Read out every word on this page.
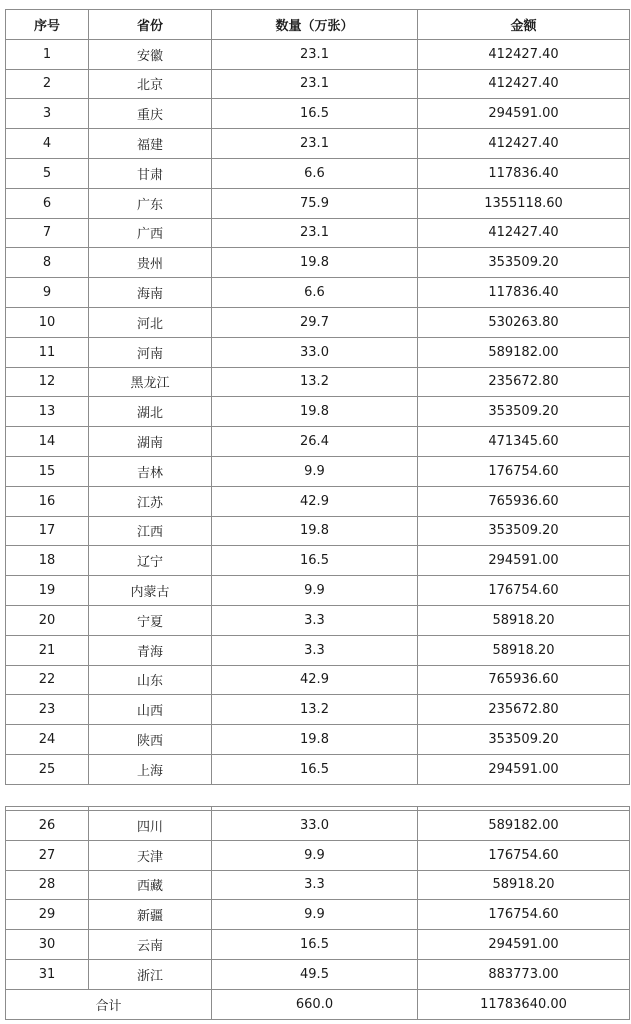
序号	省份	数量（万张）	金额
1	安徽	23.1	412427.40
2	北京	23.1	412427.40
3	重庆	16.5	294591.00
4	福建	23.1	412427.40
5	甘肃	6.6	117836.40
6	广东	75.9	1355118.60
7	广西	23.1	412427.40
8	贵州	19.8	353509.20
9	海南	6.6	117836.40
10	河北	29.7	530263.80
11	河南	33.0	589182.00
12	黑龙江	13.2	235672.80
13	湖北	19.8	353509.20
14	湖南	26.4	471345.60
15	吉林	9.9	176754.60
16	江苏	42.9	765936.60
17	江西	19.8	353509.20
18	辽宁	16.5	294591.00
19	内蒙古	9.9	176754.60
20	宁夏	3.3	58918.20
21	青海	3.3	58918.20
22	山东	42.9	765936.60
23	山西	13.2	235672.80
24	陕西	19.8	353509.20
25	上海	16.5	294591.00

26	四川	33.0	589182.00
27	天津	9.9	176754.60
28	西藏	3.3	58918.20
29	新疆	9.9	176754.60
30	云南	16.5	294591.00
31	浙江	49.5	883773.00
合计		660.0	11783640.00
